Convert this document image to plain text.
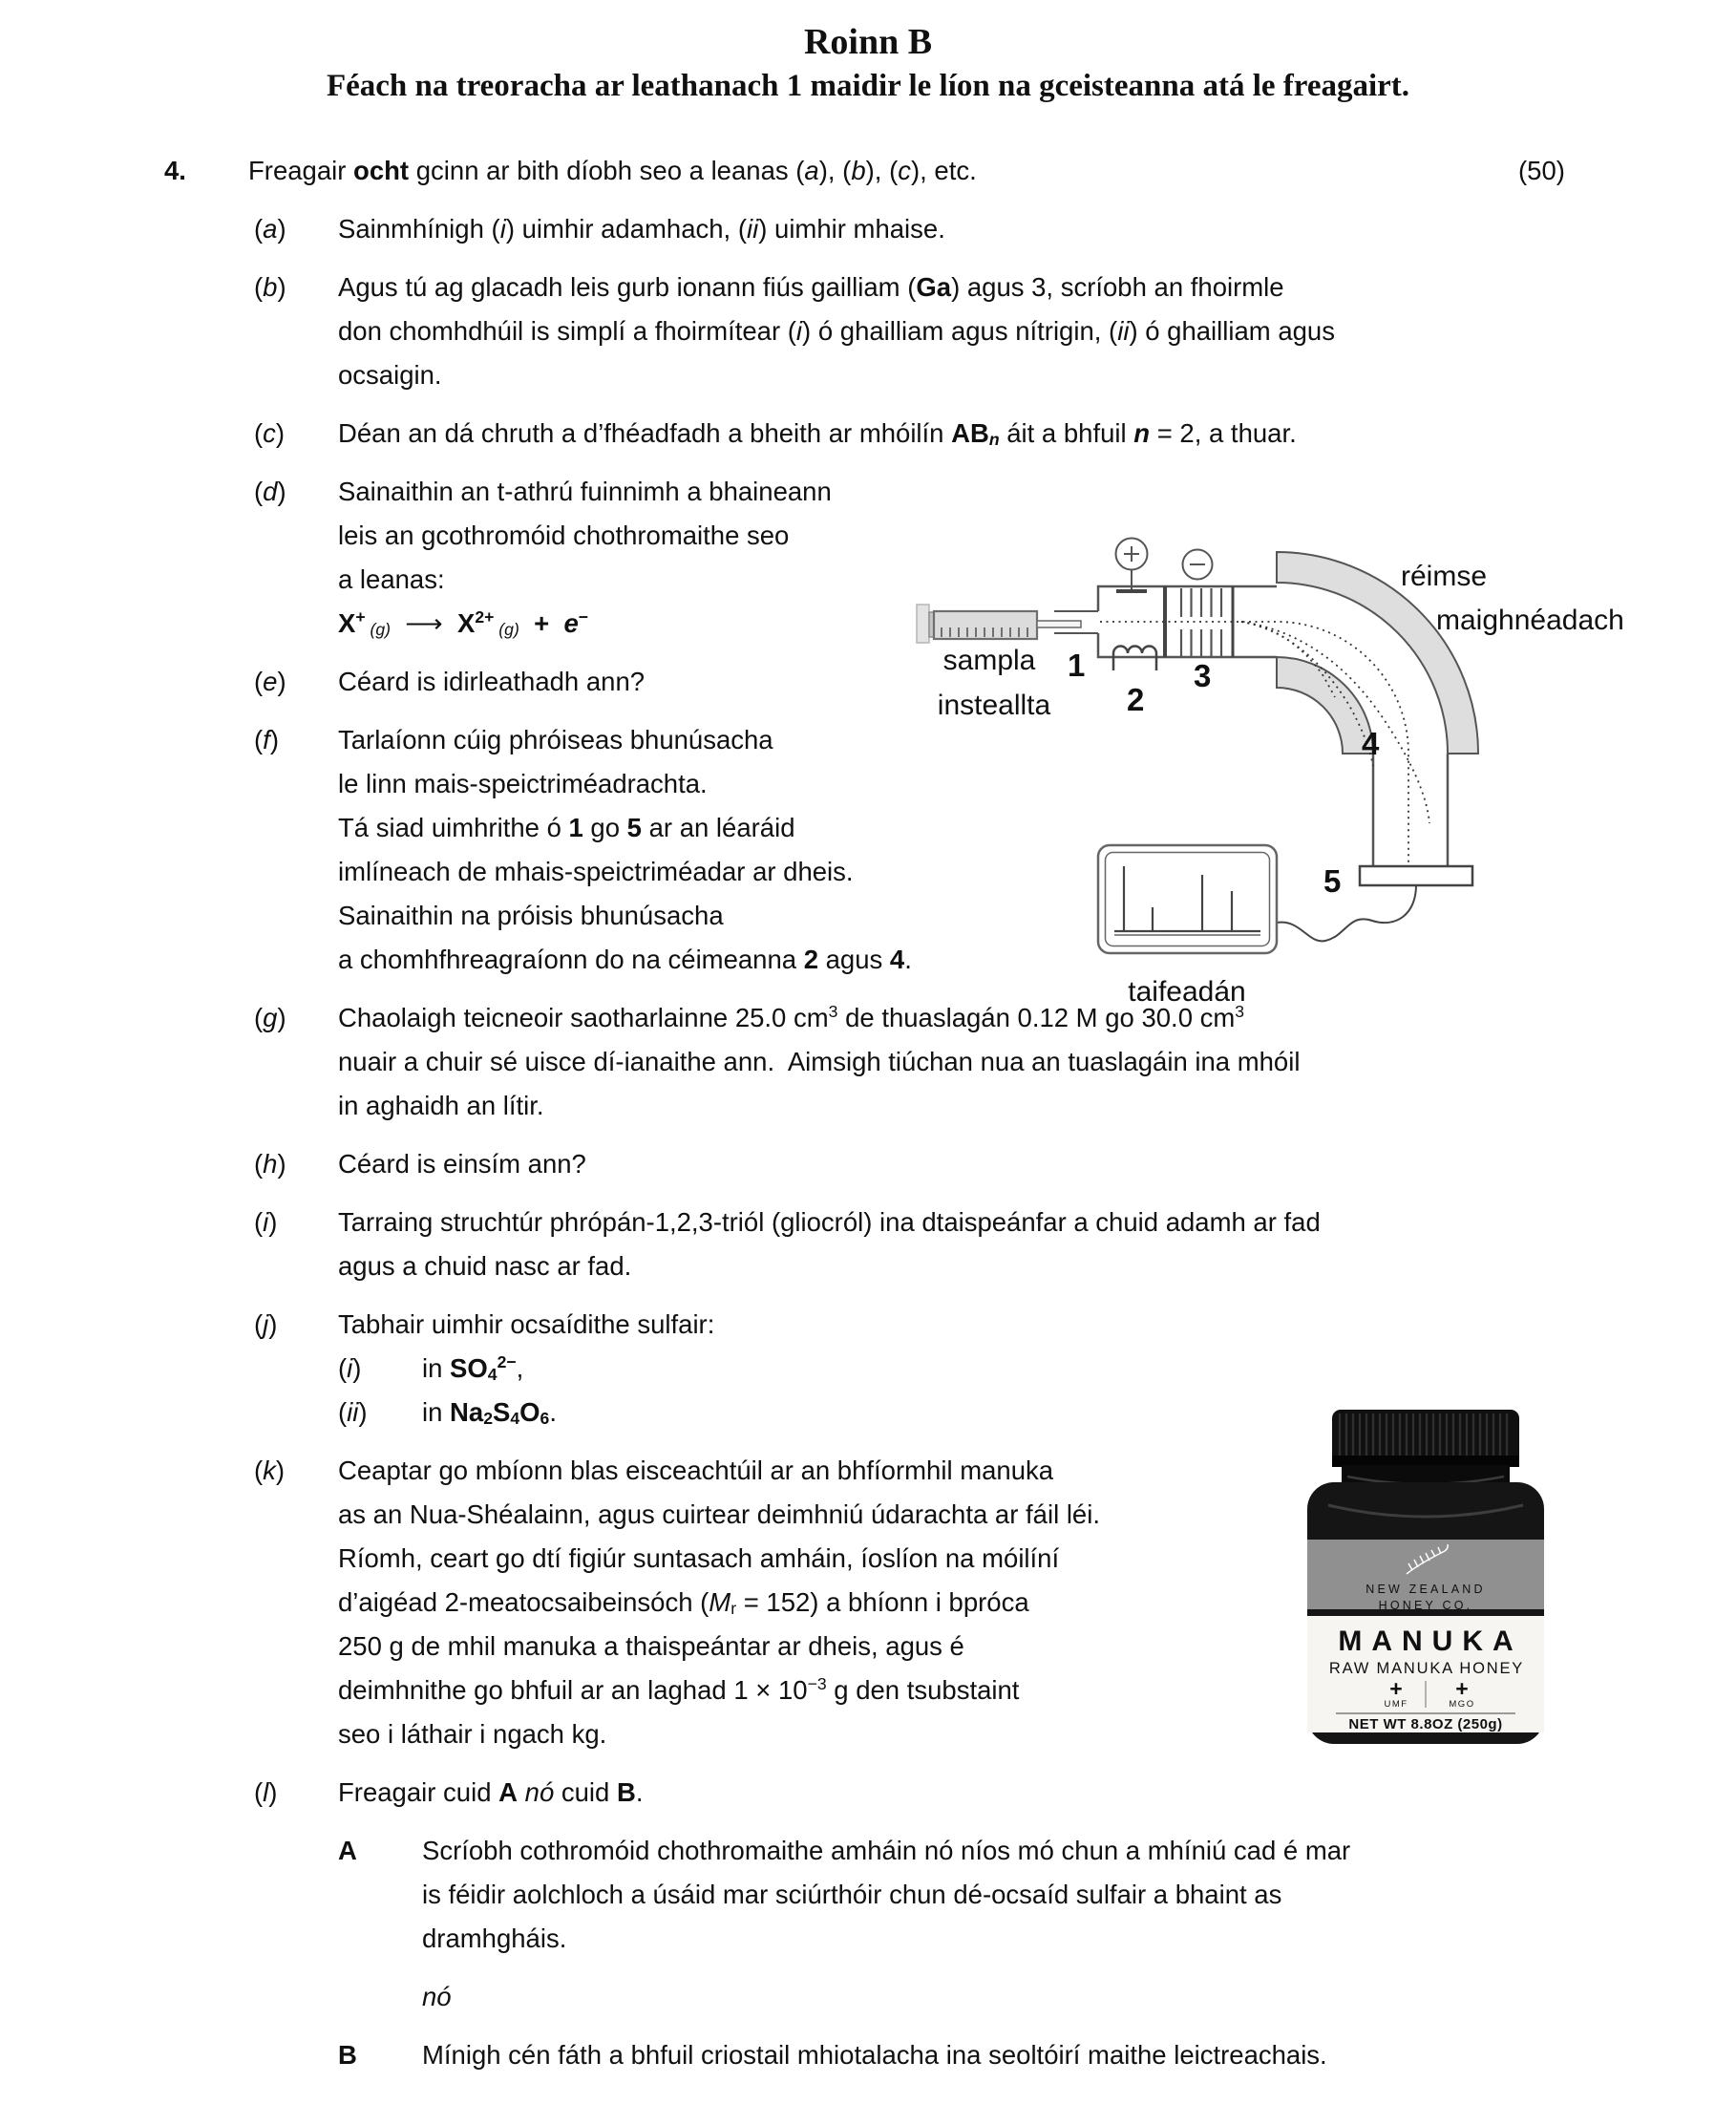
Roinn B
Féach na treoracha ar leathanach 1 maidir le líon na gceisteanna atá le freagairt.
4.	Freagair ocht gcinn ar bith díobh seo a leanas (a), (b), (c), etc.	(50)
(a)	Sainmhínigh (i) uimhir adamhach, (ii) uimhir mhaise.
(b)	Agus tú ag glacadh leis gurb ionann fiús gailliam (Ga) agus 3, scríobh an fhoirmle
don chomhdhúil is simplí a fhoirmítear (i) ó ghailliam agus nítrigin, (ii) ó ghailliam agus
ocsaigin.
(c)	Déan an dá chruth a d’fhéadfadh a bheith ar mhóilín $AB_n$ áit a bhfuil n = 2, a thuar.
(d)	Sainaithin an t-athrú fuinnimh a bhaineann
leis an gcothromóid chothromaithe seo
a leanas:
X+ $_{(g)}$  ⟶  $X^{2+}$ $_{(g)}$  +  e−
(e)	Céard is idirleathadh ann?
(f)	Tarlaíonn cúig phróiseas bhunúsacha
le linn mais-speictriméadrachta.
Tá siad uimhrithe ó 1 go 5 ar an léaráid
imlíneach de mhais-speictriméadar ar dheis.
Sainaithin na próisis bhunúsacha
a chomhfhreagraíonn do na céimeanna 2 agus 4.
(g)	Chaolaigh teicneoir saotharlainne 25.0 $cm^3$ de thuaslagán 0.12 M go 30.0 $cm^3$
nuair a chuir sé uisce dí-ianaithe ann.  Aimsigh tiúchan nua an tuaslagáin ina mhóil
in aghaidh an lítir.
(h)	Céard is einsím ann?
(i)	Tarraing struchtúr phrópán-1,2,3-triól (gliocról) ina dtaispeánfar a chuid adamh ar fad
agus a chuid nasc ar fad.
(j)	Tabhair uimhir ocsaídithe sulfair:
(i)	in $SO_4^{2-}$,
(ii)	in $Na_2S_4O_6$.
(k)	Ceaptar go mbíonn blas eisceachtúil ar an bhfíormhil manuka
as an Nua-Shéalainn, agus cuirtear deimhniú údarachta ar fáil léi.
Ríomh, ceart go dtí figiúr suntasach amháin, íoslíon na móilíní
d’aigéad 2-meatocsaibeinsóch $(M_r = 152)$ a bhíonn i bpróca
250 g de mhil manuka a thaispeántar ar dheis, agus é
deimhnithe go bhfuil ar an laghad $1 \times 10^{-3}$ g den tsubstaint
seo i láthair i ngach kg.
(l)	Freagair cuid A nó cuid B.
A	Scríobh cothromóid chothromaithe amháin nó níos mó chun a mhíniú cad é mar
is féidir aolchloch a úsáid mar sciúrthóir chun dé-ocsaíd sulfair a bhaint as
dramhgháis.
nó
B	Mínigh cén fáth a bhfuil criostail mhiotalacha ina seoltóirí maithe leictreachais.
sampla
insteallta
1
2
3
4
5
réimse
maighnéadach
taifeadán
NEW ZEALAND
HONEY CO.
MANUKA
RAW MANUKA HONEY
+
UMF
+
MGO
NET WT 8.8OZ (250g)
